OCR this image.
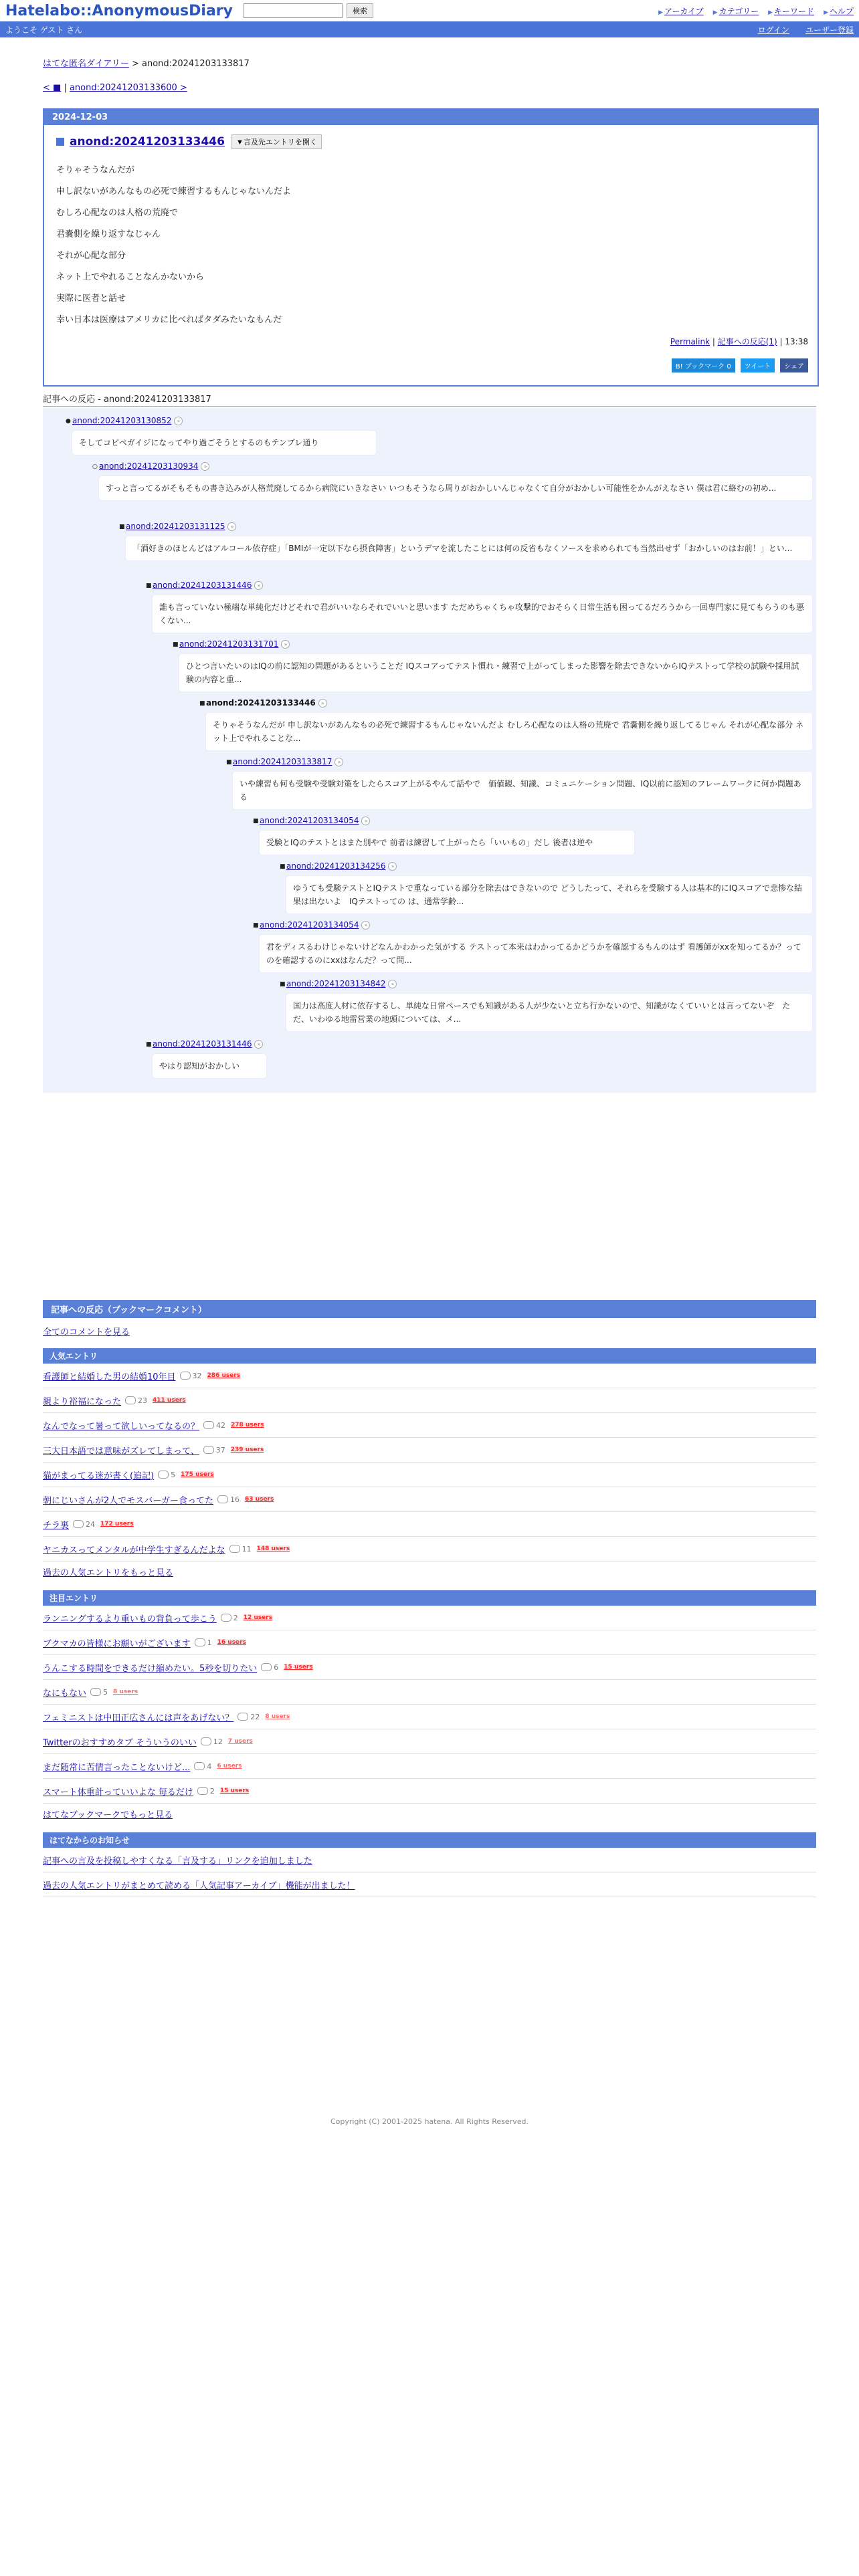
Hatelabo::AnonymousDiary	検索	▶ アーカイブ	▶ カテゴリー	▶ キーワード	▶ ヘルプ
ようこそ ゲスト さん	ログイン ユーザー登録
はてな匿名ダイアリー > anond:20241203133817
< ■ | anond:20241203133600 >
2024-12-03
anond:20241203133446	▼言及先エントリを開く
そりゃそうなんだが
申し訳ないがあんなもの必死で練習するもんじゃないんだよ
むしろ心配なのは人格の荒廃で
君嚢側を繰り返すなじゃん
それが心配な部分
ネット上でやれることなんかないから
実際に医者と話せ
幸い日本は医療はアメリカに比べればタダみたいなもんだ
Permalink | 記事への反応(1) | 13:38
B! ブックマーク 0	ツイート	シェア
記事への反応 - anond:20241203133817
● anond:20241203130852 »
そしてコピペガイジになってやり過ごそうとするのもテンプレ通り
○ anond:20241203130934 »
すっと言ってるがそもそもの書き込みが人格荒廃してるから病院にいきなさい いつもそうなら周りがおかしいんじゃなくて自分がおかしい可能性をかんがえなさい 僕は君に絡むの初め...
■ anond:20241203131125 »
「酒好きのほとんどはアルコール依存症」「BMIが一定以下なら摂食障害」というデマを流したことには何の反省もなくソースを求められても当然出せず「おかしいのはお前！」とい...
■ anond:20241203131446 »
誰も言っていない極端な単純化だけどそれで君がいいならそれでいいと思います ただめちゃくちゃ攻撃的でおそらく日常生活も困ってるだろうから一回専門家に見てもらうのも悪くない...
■ anond:20241203131701 »
ひとつ言いたいのはIQの前に認知の問題があるということだ IQスコアってテスト慣れ・練習で上がってしまった影響を除去できないからIQテストって学校の試験や採用試験の内容と重...
■ anond:20241203133446 »
そりゃそうなんだが 申し訳ないがあんなもの必死で練習するもんじゃないんだよ むしろ心配なのは人格の荒廃で 君嚢側を繰り返してるじゃん それが心配な部分 ネット上でやれることな...
■ anond:20241203133817 »
いや練習も何も受験や受験対策をしたらスコア上がるやんて話やで　価値観、知識、コミュニケーション問題、IQ以前に認知のフレームワークに何か問題ある
■ anond:20241203134054 »
受験とIQのテストとはまた別やで 前者は練習して上がったら「いいもの」だし 後者は逆や
■ anond:20241203134256 »
ゆうても受験テストとIQテストで重なっている部分を除去はできないので どうしたって、それらを受験する人は基本的にIQスコアで悲惨な結果は出ないよ　IQテストっての は、通常学齢...
■ anond:20241203134054 »
君をディスるわけじゃないけどなんかわかった気がする テストって本来はわかってるかどうかを確認するもんのはず 看護師がxxを知ってるか？ってのを確認するのにxxはなんだ？って問...
■ anond:20241203134842 »
国力は高度人材に依存するし、単純な日常ペースでも知識がある人が少ないと立ち行かないので、知識がなくていいとは言ってないぞ　ただ、いわゆる地雷営業の地頭については、メ...
■ anond:20241203131446 »
やはり認知がおかしい
記事への反応（ブックマークコメント）
全てのコメントを見る
人気エントリ
看護師と結婚した男の結婚10年目 32 286 users
親より裕福になった 23 411 users
なんでなって暑って欲しいってなるの？ 42 278 users
三大日本語では意味がズレてしまって、 37 239 users
猫がまってる迷が書く(追記) 5 175 users
朝にじいさんが2人でモスバーガー食ってた 16 63 users
チラ裏 24 172 users
ヤニカスってメンタルが中学生すぎるんだよな 11 148 users
過去の人気エントリをもっと見る
注目エントリ
ランニングするより重いもの背負って歩こう 2 12 users
ブクマカの皆様にお願いがございます 1 16 users
うんこする時間をできるだけ縮めたい。5秒を切りたい 6 15 users
なにもない 5 8 users
フェミニストは中田正広さんには声をあげない？ 22 8 users
Twitterのおすすめタブ そういうのいい 12 7 users
まだ随常に苦情言ったことないけど... 4 6 users
スマート体重計っていいよな 毎るだけ 2 15 users
はてなブックマークでもっと見る
はてなからのお知らせ
記事への言及を投稿しやすくなる「言及する」リンクを追加しました
過去の人気エントリがまとめて読める「人気記事アーカイブ」機能が出ました！
Copyright (C) 2001-2025 hatena. All Rights Reserved.
